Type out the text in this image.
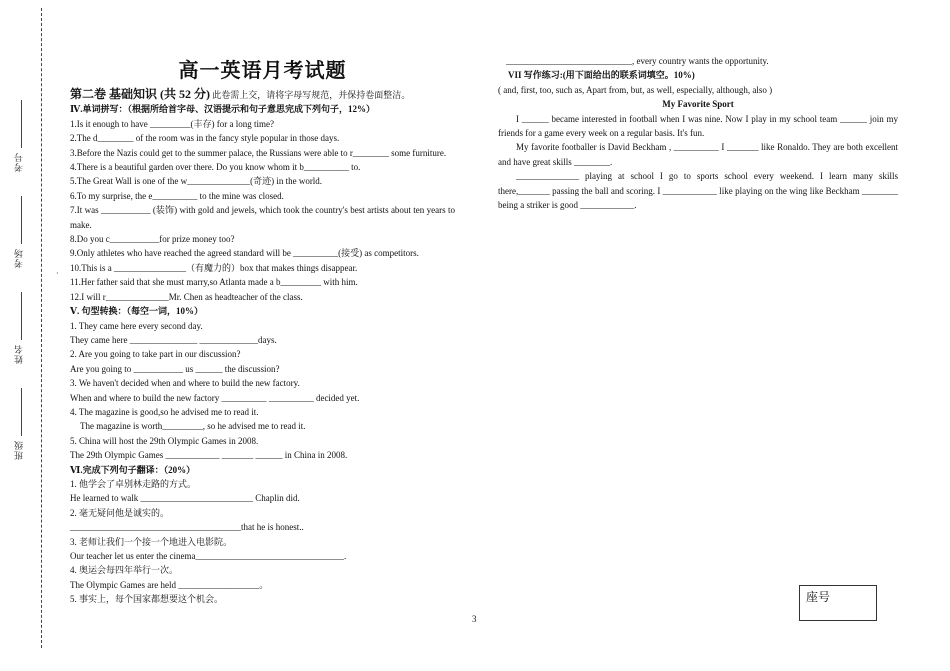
考号
考场
姓名
班级
·
高一英语月考试题
第二卷 基础知识 (共 52 分) 此卷需上交，请将字母写规范，并保持卷面整洁。
Ⅳ.单词拼写：（根据所给首字母、汉语提示和句子意思完成下列句子，12%）
1.Is it enough to have _________(丰存) for a long time?
2.The d________ of the room was in the fancy style popular in those days.
3.Before the Nazis could get to the summer palace, the Russians were able to r________ some furniture.
4.There is a beautiful garden over there. Do you know whom it b__________ to.
5.The Great Wall is one of the w______________(奇迹) in the world.
6.To my surprise, the e__________ to the mine was closed.
7.It was ___________ (装饰) with gold and jewels, which took the country's best artists about ten years to make.
8.Do you c___________for prize money too?
9.Only athletes who have reached the agreed standard will be __________(接受) as competitors.
10.This is a ________________（有魔力的）box that makes things disappear.
11.Her father said that she must marry,so Atlanta made a b_________ with him.
12.I will r______________Mr. Chen as headteacher of the class.
Ⅴ. 句型转换：（每空一词，10%）
1. They came here every second day.
They came here _______________ _____________days.
2. Are you going to take part in our discussion?
Are you going to ___________ us ______ the discussion?
3. We haven't decided when and where to build the new factory.
When and where to build the new factory __________ __________ decided yet.
4. The magazine is good,so he advised me to read it.
The magazine is worth_________, so he advised me to read it.
5. China will host the 29th Olympic Games in 2008.
The 29th Olympic Games ____________ _______ ______ in China in 2008.
Ⅵ.完成下列句子翻译：（20%）
1. 他学会了卓别林走路的方式。
He learned to walk _________________________ Chaplin did.
2. 毫无疑问他是诚实的。
______________________________________that he is honest..
3. 老师让我们一个接一个地进入电影院。
Our teacher let us enter the cinema_________________________________.
4. 奥运会每四年举行一次。
The Olympic Games are held __________________。
5. 事实上，每个国家都想要这个机会。
____________________________, every country wants the opportunity.
VII 写作练习:(用下面给出的联系词填空。10%)
( and, first, too, such as, Apart from, but, as well, especially, although, also )
My Favorite Sport
I ______ became interested in football when I was nine. Now I play in my school team ______ join my friends for a game every week on a regular basis. It's fun.
My favorite footballer is David Beckham , __________ I _______ like Ronaldo. They are both excellent and have great skills ________.
______________ playing at school I go to sports school every weekend. I learn many skills there,_______ passing the ball and scoring. I ____________ like playing on the wing like Beckham ________ being a striker is good ____________.
3
座号
